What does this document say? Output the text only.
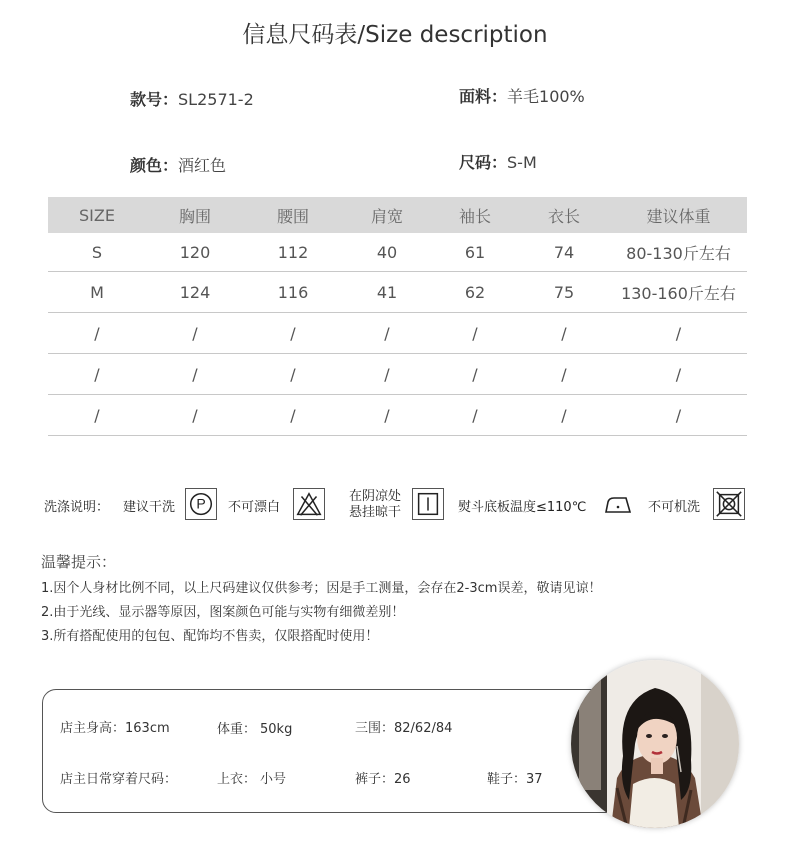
信息尺码表/Size description
款号：SL2571-2	面料：羊毛100%
颜色：酒红色	尺码：S-M
SIZE	胸围	腰围	肩宽	袖长	衣长	建议体重
S	120	112	40	61	74	80-130斤左右
M	124	116	41	62	75	130-160斤左右
/	/	/	/	/	/	/
/	/	/	/	/	/	/
/	/	/	/	/	/	/
洗涤说明： 建议干洗 P 不可漂白
在阴凉处
悬挂晾干	熨斗底板温度≤110℃	不可机洗
温馨提示：
1.因个人身材比例不同，以上尺码建议仅供参考；因是手工测量，会存在2-3cm误差，敬请见谅！
2.由于光线、显示器等原因，图案颜色可能与实物有细微差别！
3.所有搭配使用的包包、配饰均不售卖，仅限搭配时使用！
店主身高：163cm	体重： 50kg	三围：82/62/84
店主日常穿着尺码：	上衣： 小号	裤子：26	鞋子：37
